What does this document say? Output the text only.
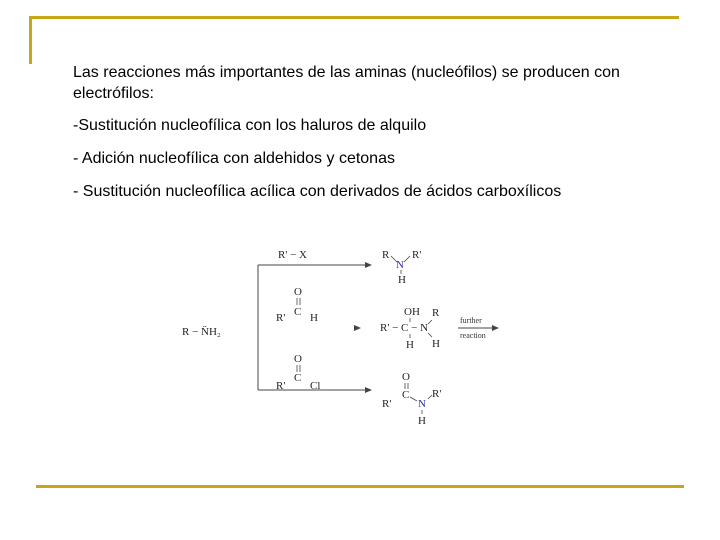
Las reacciones más importantes de las aminas (nucleófilos) se producen con electrófilos:

-Sustitución nucleofílica con los haluros de alquilo

- Adición nucleofílica con aldehidos y cetonas

- Sustitución nucleofílica acílica con derivados de ácidos carboxílicos

R − N̈H₂
R' − X	R R'
N
H
O
C
R' H	OH R
R' − C − N
H H
further
reaction
O
C
R' Cl
O
C
R'
R'
N
H
